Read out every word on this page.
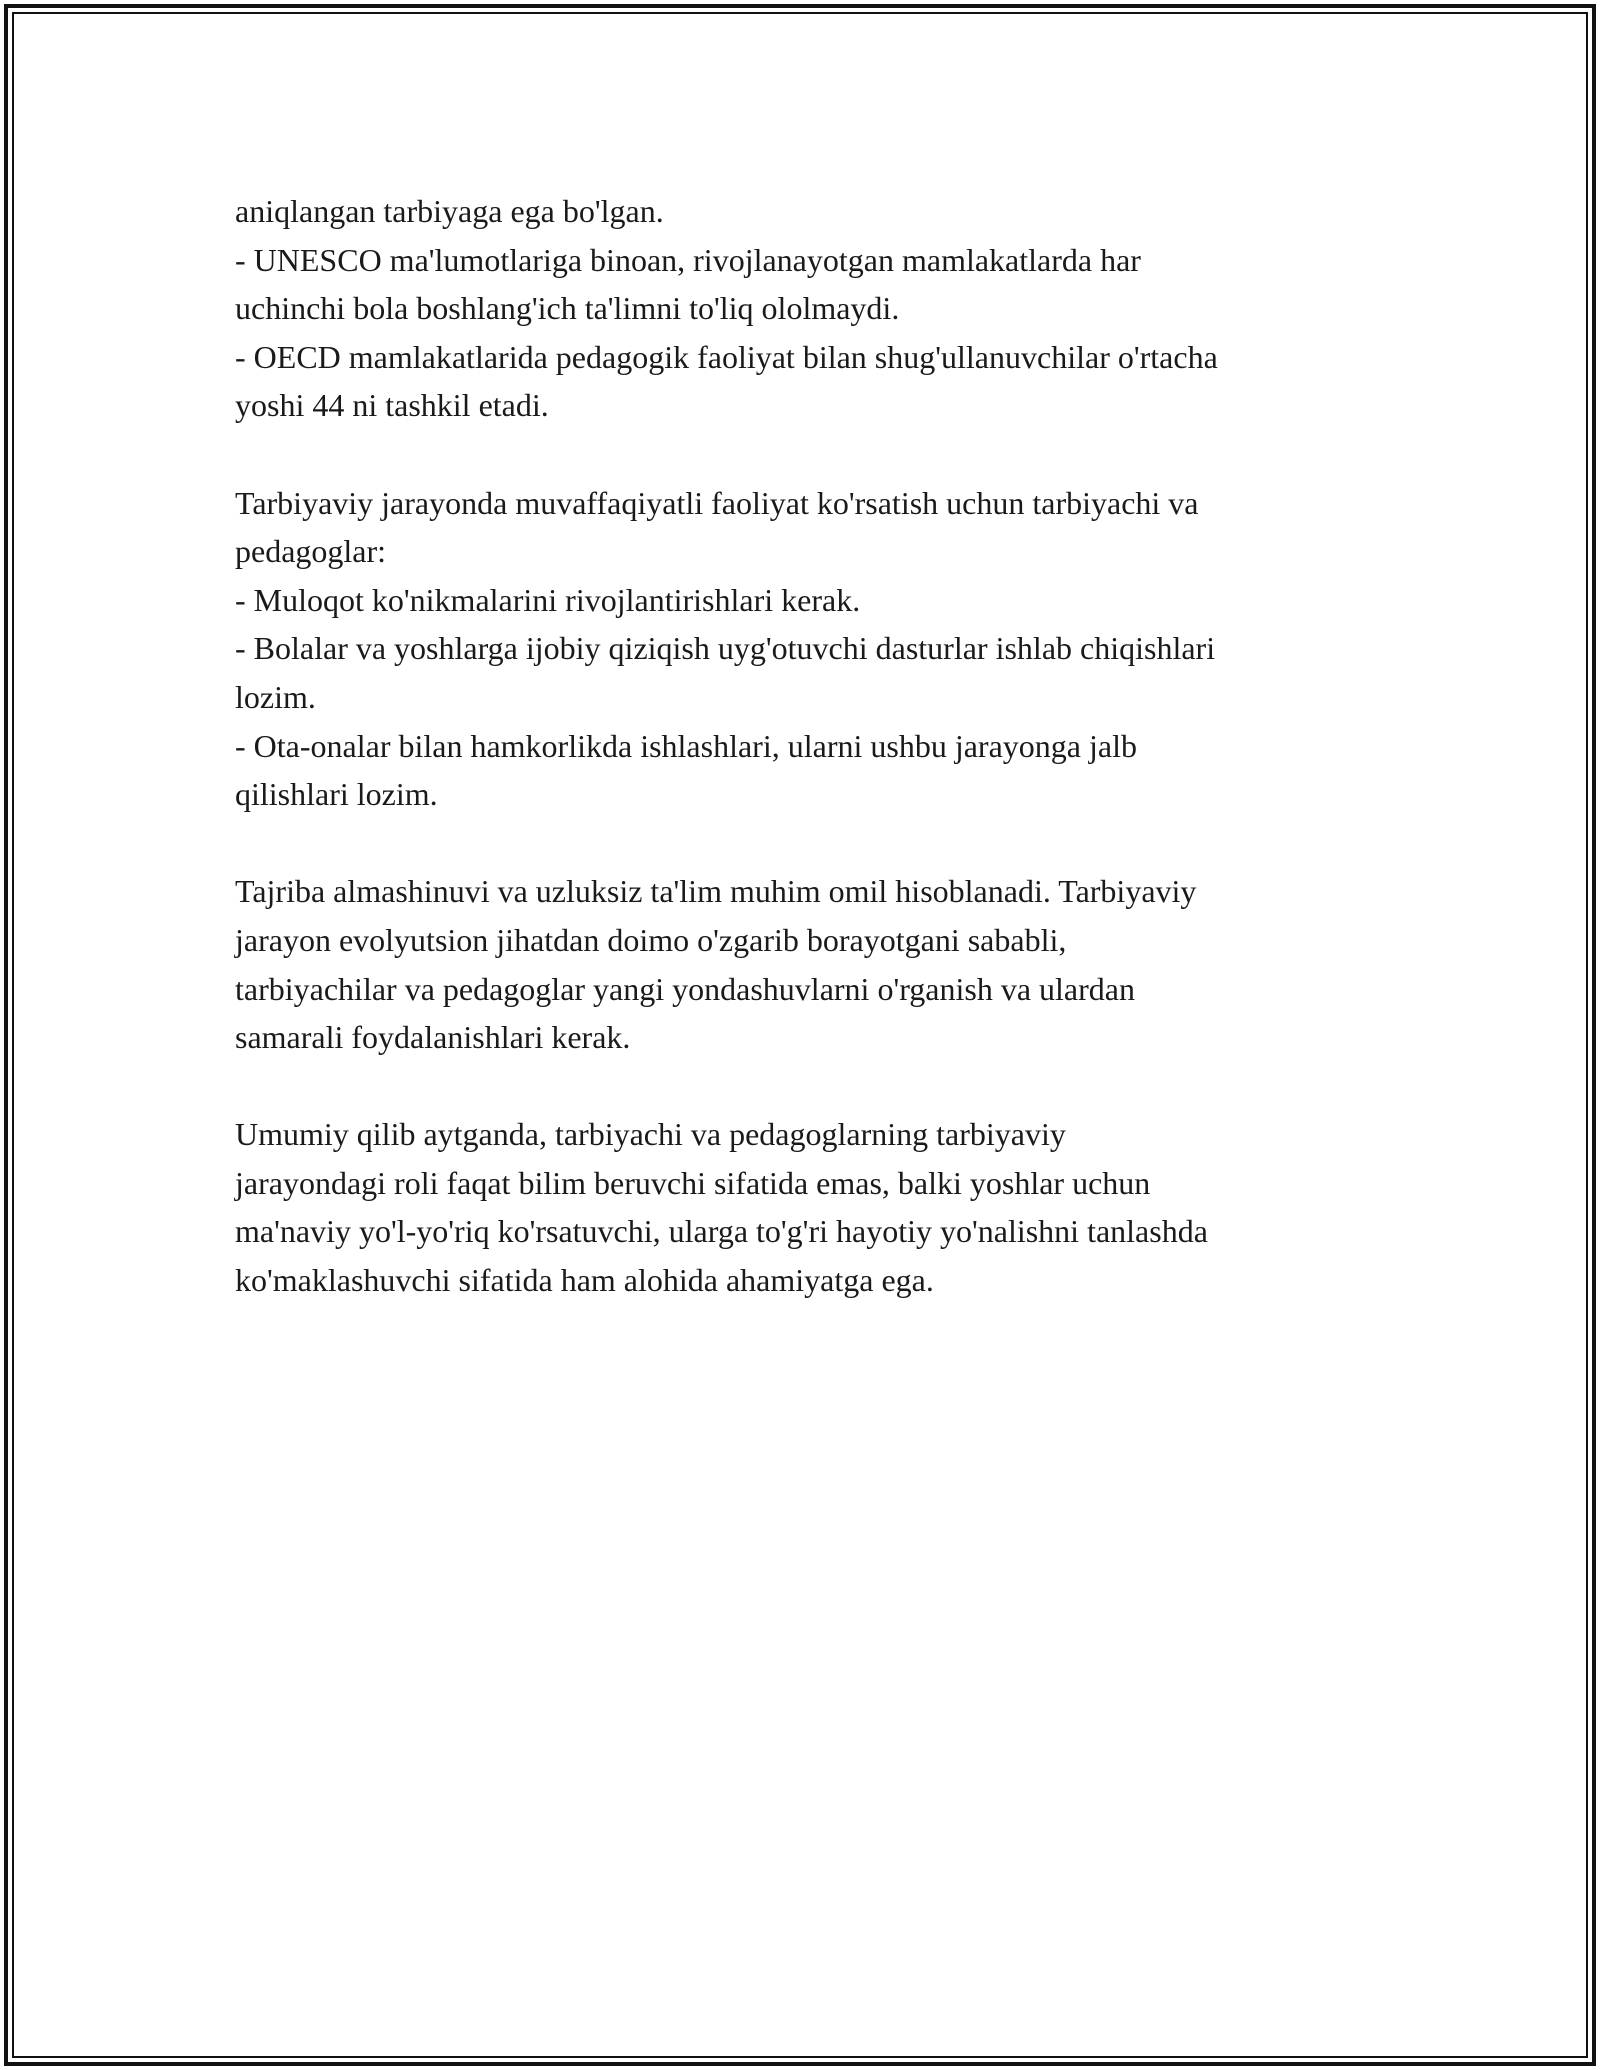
aniqlangan tarbiyaga ega bo'lgan.
- UNESCO ma'lumotlariga binoan, rivojlanayotgan mamlakatlarda har
uchinchi bola boshlang'ich ta'limni to'liq ololmaydi.
- OECD mamlakatlarida pedagogik faoliyat bilan shug'ullanuvchilar o'rtacha
yoshi 44 ni tashkil etadi.
Tarbiyaviy jarayonda muvaffaqiyatli faoliyat ko'rsatish uchun tarbiyachi va
pedagoglar:
- Muloqot ko'nikmalarini rivojlantirishlari kerak.
- Bolalar va yoshlarga ijobiy qiziqish uyg'otuvchi dasturlar ishlab chiqishlari
lozim.
- Ota-onalar bilan hamkorlikda ishlashlari, ularni ushbu jarayonga jalb
qilishlari lozim.
Tajriba almashinuvi va uzluksiz ta'lim muhim omil hisoblanadi. Tarbiyaviy
jarayon evolyutsion jihatdan doimo o'zgarib borayotgani sababli,
tarbiyachilar va pedagoglar yangi yondashuvlarni o'rganish va ulardan
samarali foydalanishlari kerak.
Umumiy qilib aytganda, tarbiyachi va pedagoglarning tarbiyaviy
jarayondagi roli faqat bilim beruvchi sifatida emas, balki yoshlar uchun
ma'naviy yo'l-yo'riq ko'rsatuvchi, ularga to'g'ri hayotiy yo'nalishni tanlashda
ko'maklashuvchi sifatida ham alohida ahamiyatga ega.
